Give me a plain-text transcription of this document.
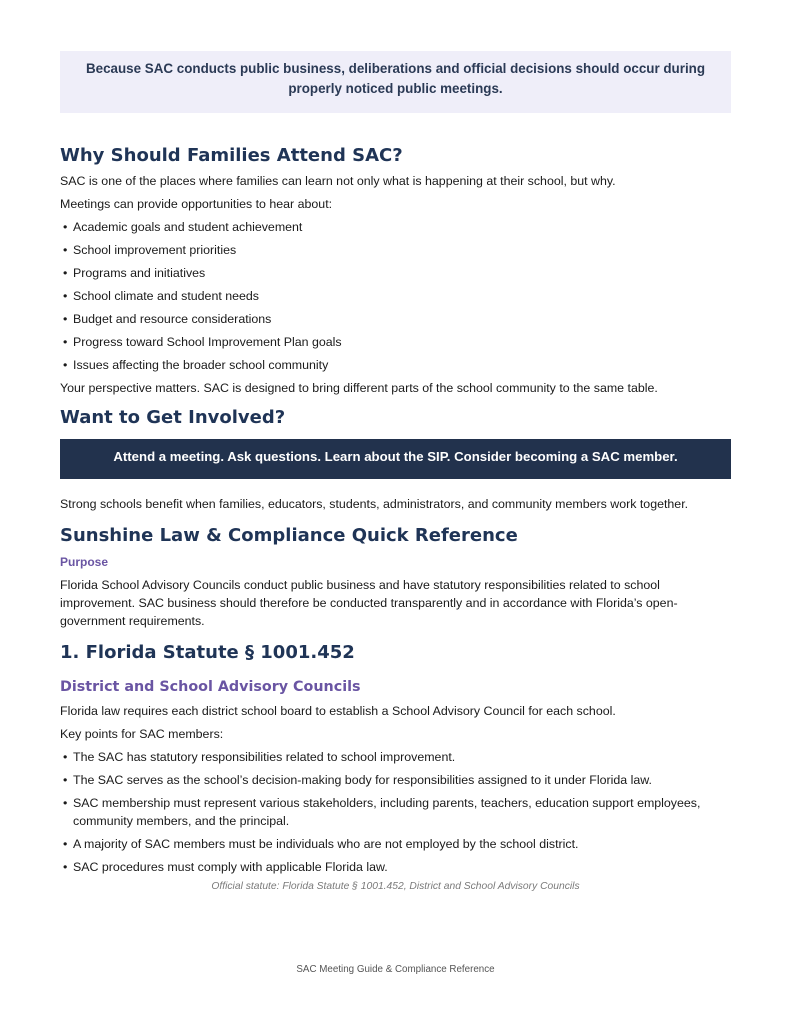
Because SAC conducts public business, deliberations and official decisions should occur during properly noticed public meetings.
Why Should Families Attend SAC?

SAC is one of the places where families can learn not only what is happening at their school, but why.

Meetings can provide opportunities to hear about:

• Academic goals and student achievement
• School improvement priorities
• Programs and initiatives
• School climate and student needs
• Budget and resource considerations
• Progress toward School Improvement Plan goals
• Issues affecting the broader school community

Your perspective matters. SAC is designed to bring different parts of the school community to the same table.

Want to Get Involved?
Attend a meeting. Ask questions. Learn about the SIP. Consider becoming a SAC member.

Strong schools benefit when families, educators, students, administrators, and community members work together.

Sunshine Law & Compliance Quick Reference
Purpose

Florida School Advisory Councils conduct public business and have statutory responsibilities related to school improvement. SAC business should therefore be conducted transparently and in accordance with Florida’s open-government requirements.

1. Florida Statute § 1001.452
District and School Advisory Councils

Florida law requires each district school board to establish a School Advisory Council for each school.

Key points for SAC members:

• The SAC has statutory responsibilities related to school improvement.
• The SAC serves as the school’s decision-making body for responsibilities assigned to it under Florida law.
• SAC membership must represent various stakeholders, including parents, teachers, education support employees, community members, and the principal.
• A majority of SAC members must be individuals who are not employed by the school district.
• SAC procedures must comply with applicable Florida law.
Official statute: Florida Statute § 1001.452, District and School Advisory Councils
SAC Meeting Guide & Compliance Reference
